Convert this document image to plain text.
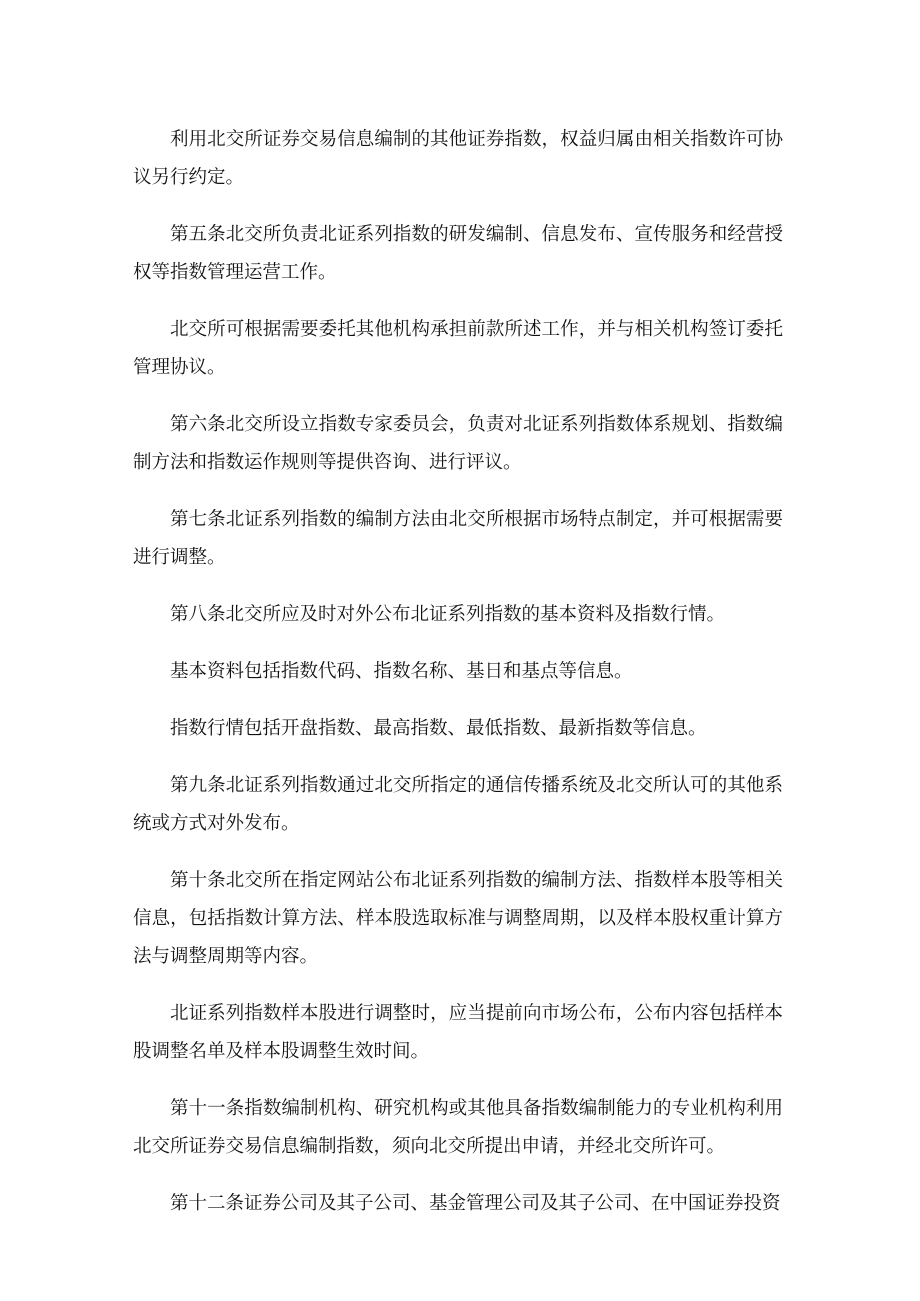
利用北交所证券交易信息编制的其他证券指数，权益归属由相关指数许可协议另行约定。

第五条北交所负责北证系列指数的研发编制、信息发布、宣传服务和经营授权等指数管理运营工作。

北交所可根据需要委托其他机构承担前款所述工作，并与相关机构签订委托管理协议。

第六条北交所设立指数专家委员会，负责对北证系列指数体系规划、指数编制方法和指数运作规则等提供咨询、进行评议。

第七条北证系列指数的编制方法由北交所根据市场特点制定，并可根据需要进行调整。

第八条北交所应及时对外公布北证系列指数的基本资料及指数行情。

基本资料包括指数代码、指数名称、基日和基点等信息。

指数行情包括开盘指数、最高指数、最低指数、最新指数等信息。

第九条北证系列指数通过北交所指定的通信传播系统及北交所认可的其他系统或方式对外发布。

第十条北交所在指定网站公布北证系列指数的编制方法、指数样本股等相关信息，包括指数计算方法、样本股选取标准与调整周期，以及样本股权重计算方法与调整周期等内容。

北证系列指数样本股进行调整时，应当提前向市场公布，公布内容包括样本股调整名单及样本股调整生效时间。

第十一条指数编制机构、研究机构或其他具备指数编制能力的专业机构利用北交所证券交易信息编制指数，须向北交所提出申请，并经北交所许可。

第十二条证券公司及其子公司、基金管理公司及其子公司、在中国证券投资
